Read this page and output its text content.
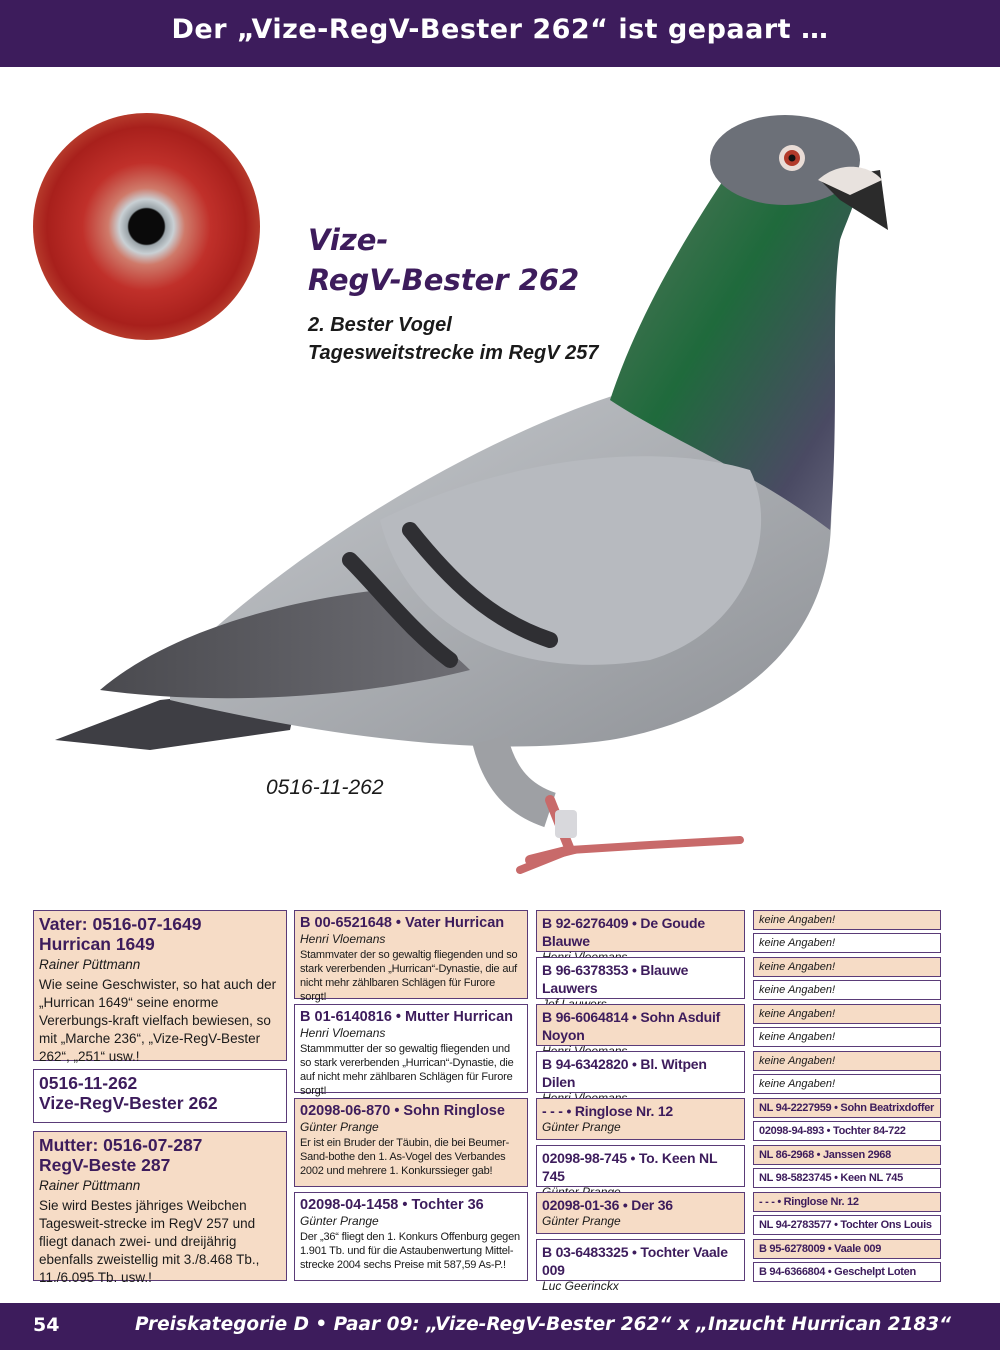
Der „Vize-RegV-Bester 262“ ist gepaart …
Vize-
RegV-Bester 262
2. Bester Vogel
Tagesweitstrecke im RegV 257
0516-11-262
Vater: 0516-07-1649
Hurrican 1649
Rainer Püttmann
Wie seine Geschwister, so hat auch der „Hurrican 1649“ seine enorme Vererbungs-kraft vielfach bewiesen, so mit „Marche 236“, „Vize-RegV-Bester 262“, „251“ usw.!
0516-11-262
Vize-RegV-Bester 262
Mutter: 0516-07-287
RegV-Beste 287
Rainer Püttmann
Sie wird Bestes jähriges Weibchen Tagesweit-strecke im RegV 257 und fliegt danach zwei- und dreijährig ebenfalls zweistellig mit 3./8.468 Tb., 11./6.095 Tb. usw.!
B 00-6521648 • Vater Hurrican
Henri Vloemans
Stammvater der so gewaltig fliegenden und so stark vererbenden „Hurrican“-Dynastie, die auf nicht mehr zählbaren Schlägen für Furore sorgt!
B 01-6140816 • Mutter Hurrican
Henri Vloemans
Stammmutter der so gewaltig fliegenden und so stark vererbenden „Hurrican“-Dynastie, die auf nicht mehr zählbaren Schlägen für Furore sorgt!
02098-06-870 • Sohn Ringlose
Günter Prange
Er ist ein Bruder der Täubin, die bei Beumer-Sand-bothe den 1. As-Vogel des Verbandes 2002 und mehrere 1. Konkurssieger gab!
02098-04-1458 • Tochter 36
Günter Prange
Der „36“ fliegt den 1. Konkurs Offenburg gegen 1.901 Tb. und für die Astaubenwertung Mittel-strecke 2004 sechs Preise mit 587,59 As-P.!
B 92-6276409 • De Goude Blauwe
B 96-6378353 • Blauwe Lauwers
B 96-6064814 • Sohn Asduif Noyon
B 94-6342820 • Bl. Witpen Dilen
- - - • Ringlose Nr. 12
Günter Prange
02098-98-745 • To. Keen NL 745
02098-01-36 • Der 36
Günter Prange
B 03-6483325 • Tochter Vaale 009
Luc Geerinckx
keine Angaben!
keine Angaben!
keine Angaben!
keine Angaben!
keine Angaben!
keine Angaben!
keine Angaben!
keine Angaben!
NL 94-2227959 • Sohn Beatrixdoffer
02098-94-893 • Tochter 84-722
NL 86-2968 • Janssen 2968
NL 98-5823745 • Keen NL 745
- - - • Ringlose Nr. 12
NL 94-2783577 • Tochter Ons Louis
B 95-6278009 • Vaale 009
B 94-6366804 • Geschelpt Loten
54	Preiskategorie D • Paar 09: „Vize-RegV-Bester 262“ x „Inzucht Hurrican 2183“
